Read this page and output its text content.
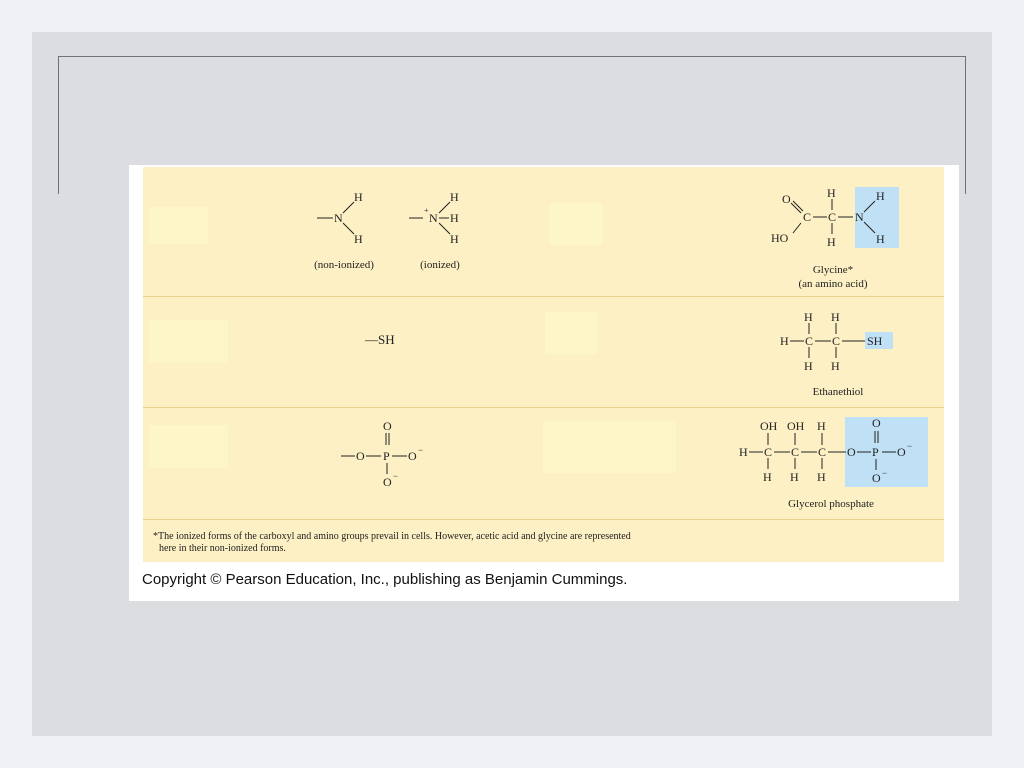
N
H
H
+
N
H
H
H
(non-ionized)	(ionized)
O
C
HO
C
H
H
N
H
H
Glycine*
(an amino acid)
—SH	H C
H
H
C
H
H
SH
Ethanethiol
O
O P O −
O −
H C
OH
H
C
OH
H
C
H
H
O P
O
O −
O −
Glycerol phosphate
*The ionized forms of the carboxyl and amino groups prevail in cells. However, acetic acid and glycine are represented
here in their non-ionized forms.
Copyright © Pearson Education, Inc., publishing as Benjamin Cummings.
